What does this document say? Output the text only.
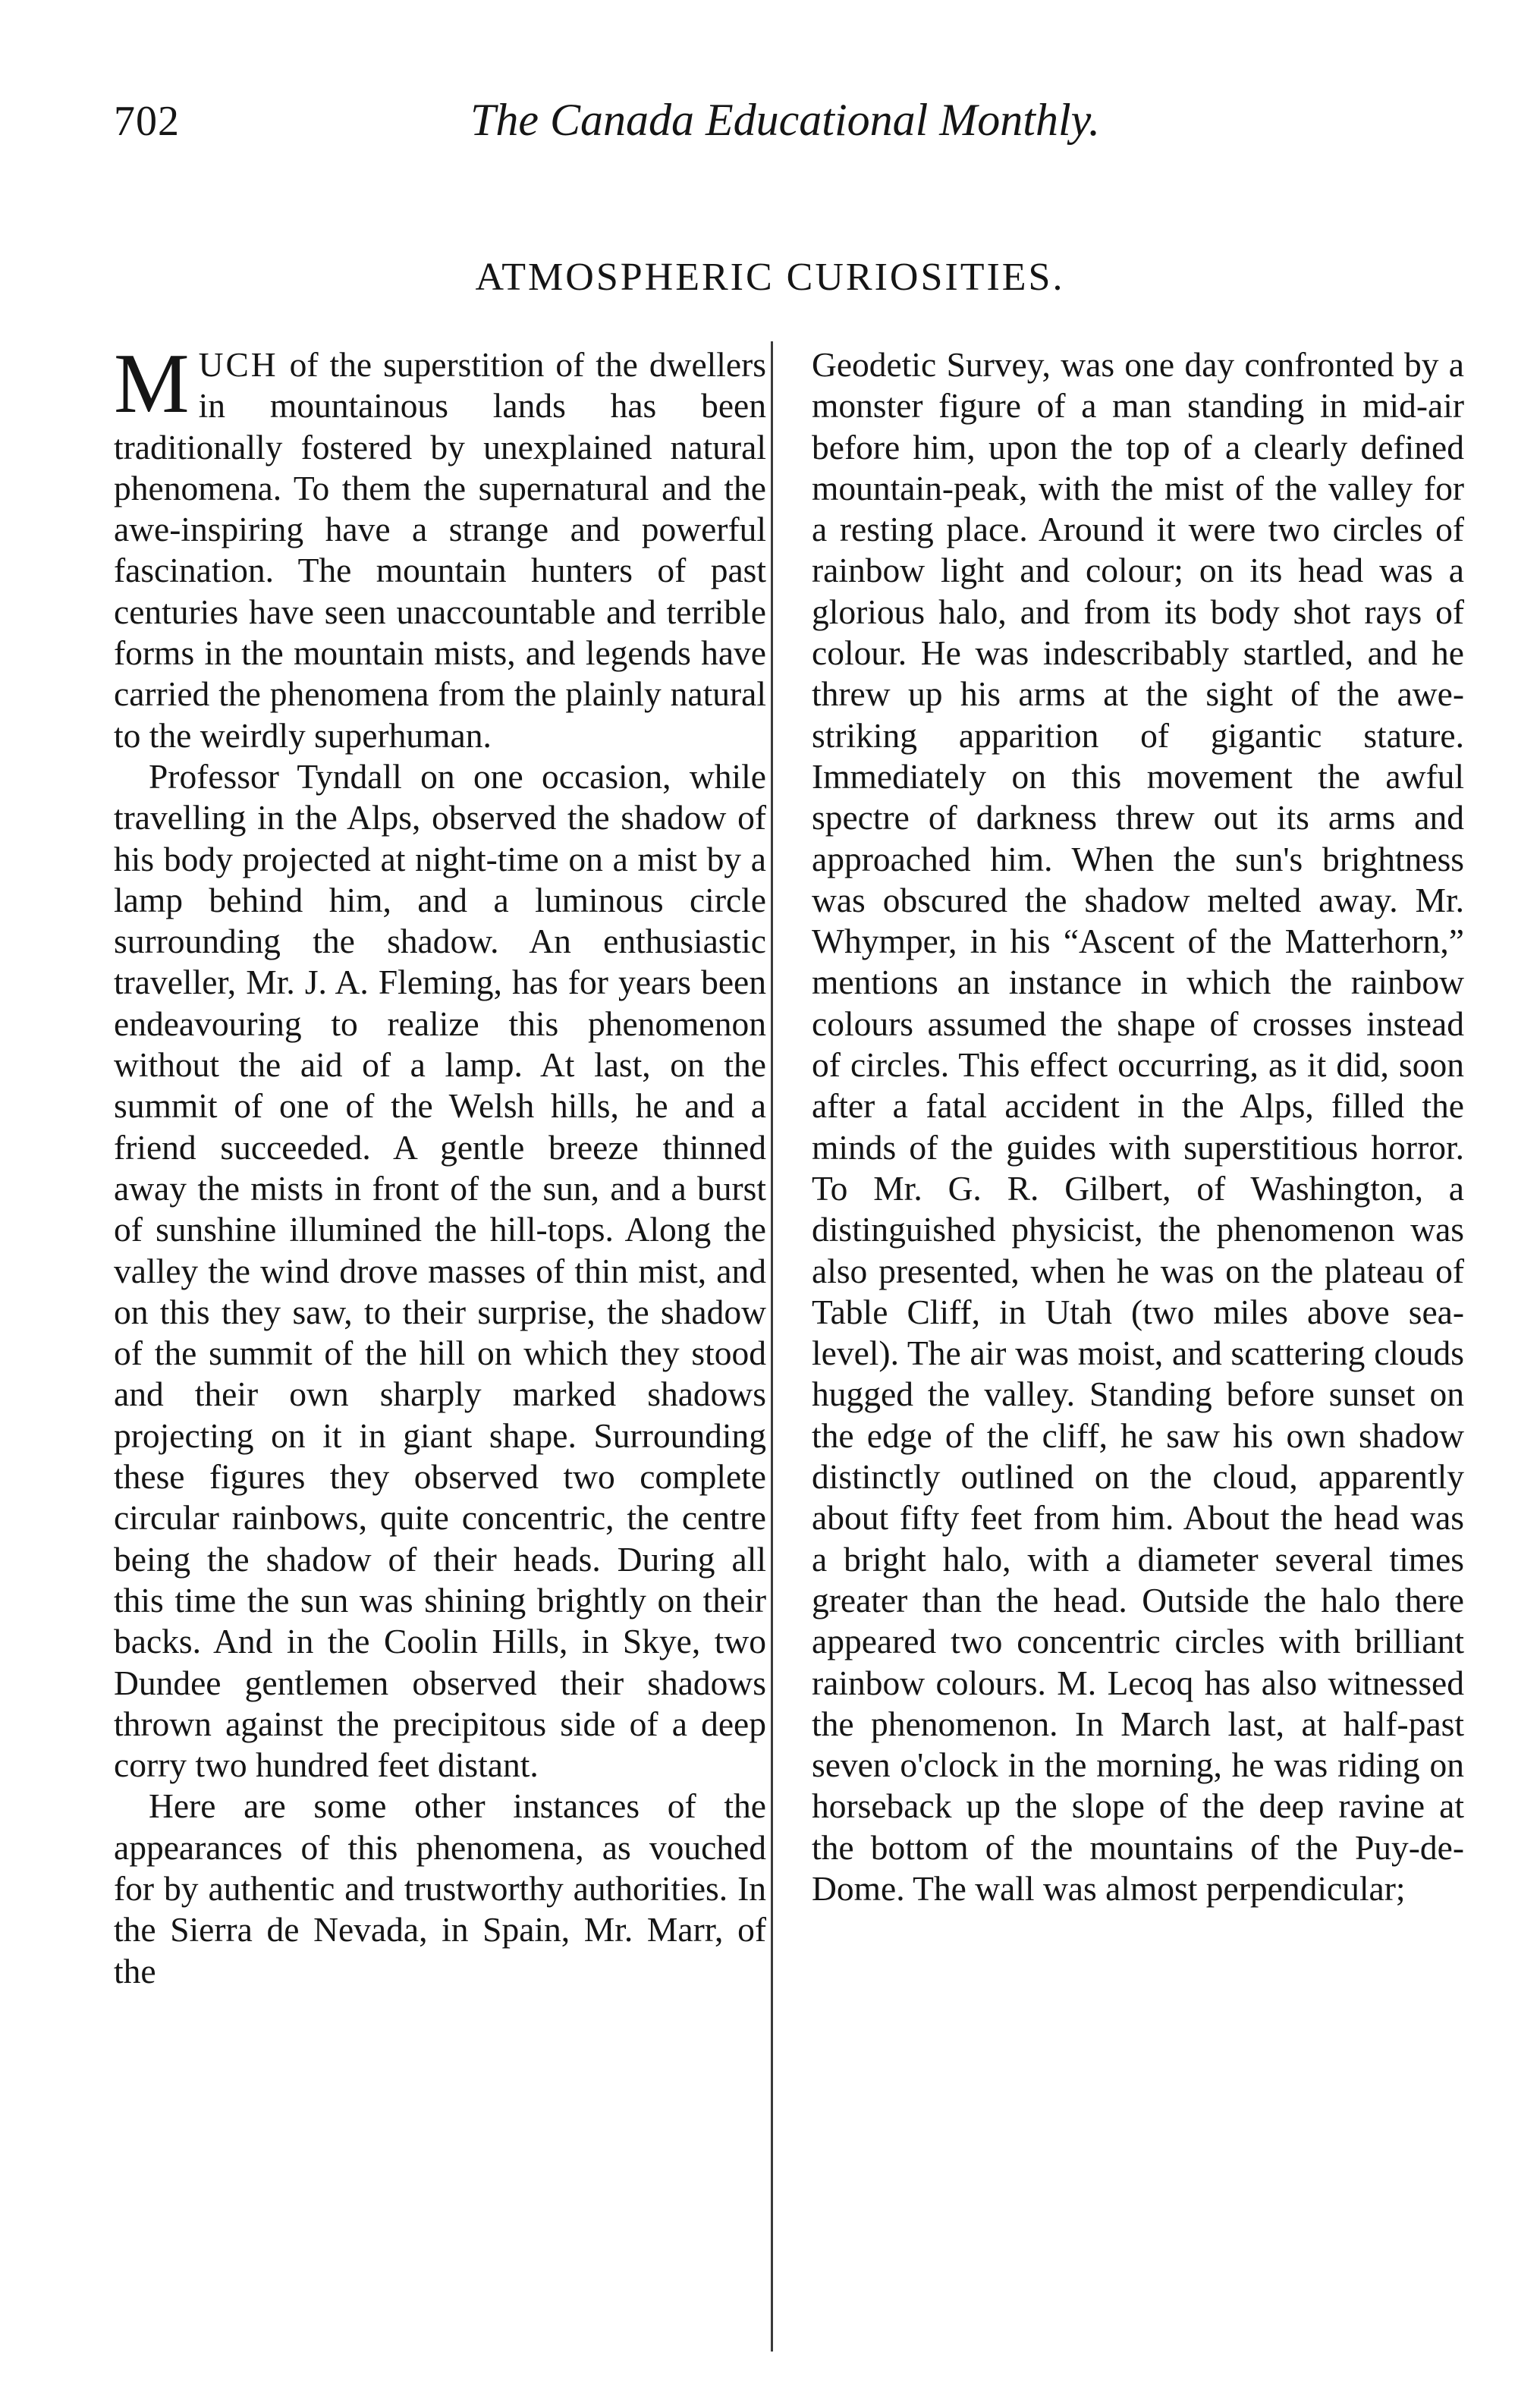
702	The Canada Educational Monthly.
ATMOSPHERIC CURIOSITIES.

MUCH of the superstition of the dwellers in mountainous lands has been traditionally fostered by unexplained natural phenomena. To them the supernatural and the awe-inspiring have a strange and powerful fascination. The mountain hunters of past centuries have seen unaccountable and terrible forms in the mountain mists, and legends have carried the phenomena from the plainly natural to the weirdly superhuman.

Professor Tyndall on one occasion, while travelling in the Alps, observed the shadow of his body projected at night-time on a mist by a lamp behind him, and a luminous circle surrounding the shadow. An enthusiastic traveller, Mr. J. A. Fleming, has for years been endeavouring to realize this phenomenon without the aid of a lamp. At last, on the summit of one of the Welsh hills, he and a friend succeeded. A gentle breeze thinned away the mists in front of the sun, and a burst of sunshine illumined the hill-tops. Along the valley the wind drove masses of thin mist, and on this they saw, to their surprise, the shadow of the summit of the hill on which they stood and their own sharply marked shadows projecting on it in giant shape. Surrounding these figures they observed two complete circular rainbows, quite concentric, the centre being the shadow of their heads. During all this time the sun was shining brightly on their backs. And in the Coolin Hills, in Skye, two Dundee gentlemen observed their shadows thrown against the precipitous side of a deep corry two hundred feet distant.

Here are some other instances of the appearances of this phenomena, as vouched for by authentic and trustworthy authorities. In the Sierra de Nevada, in Spain, Mr. Marr, of the

Geodetic Survey, was one day confronted by a monster figure of a man standing in mid-air before him, upon the top of a clearly defined mountain-peak, with the mist of the valley for a resting place. Around it were two circles of rainbow light and colour; on its head was a glorious halo, and from its body shot rays of colour. He was indescribably startled, and he threw up his arms at the sight of the awe-striking apparition of gigantic stature. Immediately on this movement the awful spectre of darkness threw out its arms and approached him. When the sun's brightness was obscured the shadow melted away. Mr. Whymper, in his “Ascent of the Matterhorn,” mentions an instance in which the rainbow colours assumed the shape of crosses instead of circles. This effect occurring, as it did, soon after a fatal accident in the Alps, filled the minds of the guides with superstitious horror. To Mr. G. R. Gilbert, of Washington, a distinguished physicist, the phenomenon was also presented, when he was on the plateau of Table Cliff, in Utah (two miles above sea-level). The air was moist, and scattering clouds hugged the valley. Standing before sunset on the edge of the cliff, he saw his own shadow distinctly outlined on the cloud, apparently about fifty feet from him. About the head was a bright halo, with a diameter several times greater than the head. Outside the halo there appeared two concentric circles with brilliant rainbow colours. M. Lecoq has also witnessed the phenomenon. In March last, at half-past seven o'clock in the morning, he was riding on horseback up the slope of the deep ravine at the bottom of the mountains of the Puy-de-Dome. The wall was almost perpendicular;
